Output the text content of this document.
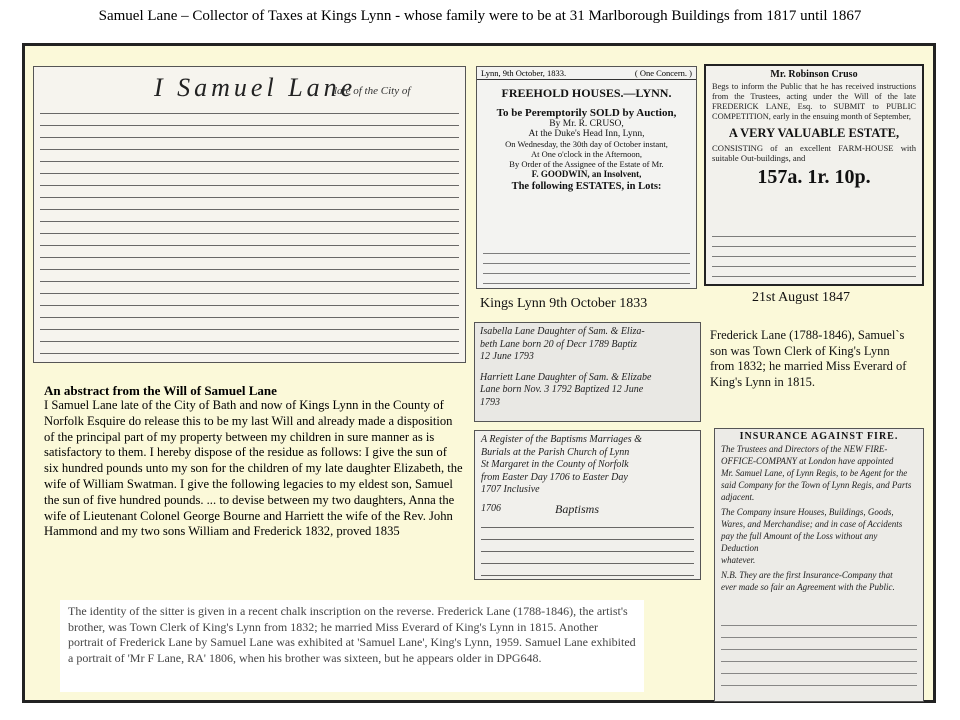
Samuel Lane – Collector of Taxes at Kings Lynn - whose family were to be at 31 Marlborough Buildings from 1817 until 1867
I Samuel Lane
late of the City of
Lynn, 9th October, 1833.	( One Concern. )
FREEHOLD HOUSES.—LYNN.
To be Peremptorily SOLD by Auction,
By Mr. R. CRUSO,
At the Duke's Head Inn, Lynn,
On Wednesday, the 30th day of October instant,
At One o'clock in the Afternoon,
By Order of the Assignee of the Estate of Mr.
F. GOODWIN, an Insolvent,
The following ESTATES, in Lots:
Kings Lynn 9th October 1833
Mr. Robinson Cruso
Begs to inform the Public that he has received instructions from the Trustees, acting under the Will of the late FREDERICK LANE, Esq. to SUBMIT to PUBLIC COMPETITION, early in the ensuing month of September,
A VERY VALUABLE ESTATE,
CONSISTING of an excellent FARM-HOUSE with suitable Out-buildings, and
157a. 1r. 10p.
21st August 1847
Isabella Lane Daughter of Sam. & Eliza-
beth Lane born 20 of Decr 1789 Baptiz
12 June 1793
Harriett Lane Daughter of Sam. & Elizabe
Lane born Nov. 3 1792 Baptized 12 June
1793
A Register of the Baptisms Marriages &
Burials at the Parish Church of Lynn
St Margaret in the County of Norfolk
from Easter Day 1706 to Easter Day
1707 Inclusive
1706	Baptisms
Frederick Lane (1788-1846), Samuel`s son was Town Clerk of King's Lynn from 1832; he married Miss Everard of King's Lynn in 1815.
INSURANCE AGAINST FIRE.
The Trustees and Directors of the NEW FIRE-
OFFICE-COMPANY at London have appointed
Mr. Samuel Lane, of Lynn Regis, to be Agent for the
said Company for the Town of Lynn Regis, and Parts
adjacent.
The Company insure Houses, Buildings, Goods,
Wares, and Merchandise; and in case of Accidents
pay the full Amount of the Loss without any Deduction
whatever.
N.B. They are the first Insurance-Company that
ever made so fair an Agreement with the Public.
An abstract from the Will of Samuel Lane
I Samuel Lane late of the City of Bath and now of Kings Lynn in the County of Norfolk Esquire do release this to be my last Will and already made a disposition of the principal part of my property between my children in sure manner as is satisfactory to them. I hereby dispose of the residue as follows: I give the sun of six hundred pounds unto my son for the children of my late daughter Elizabeth, the wife of William Swatman. I give the following legacies to my eldest son, Samuel the sun of five hundred pounds. ... to devise between my two daughters, Anna the wife of Lieutenant Colonel George Bourne and Harriett the wife of the Rev. John Hammond and my two sons William and Frederick 1832, proved 1835
The identity of the sitter is given in a recent chalk inscription on the reverse. Frederick Lane (1788-1846), the artist's brother, was Town Clerk of King's Lynn from 1832; he married Miss Everard of King's Lynn in 1815. Another portrait of Frederick Lane by Samuel Lane was exhibited at 'Samuel Lane', King's Lynn, 1959. Samuel Lane exhibited a portrait of 'Mr F Lane, RA' 1806, when his brother was sixteen, but he appears older in DPG648.
